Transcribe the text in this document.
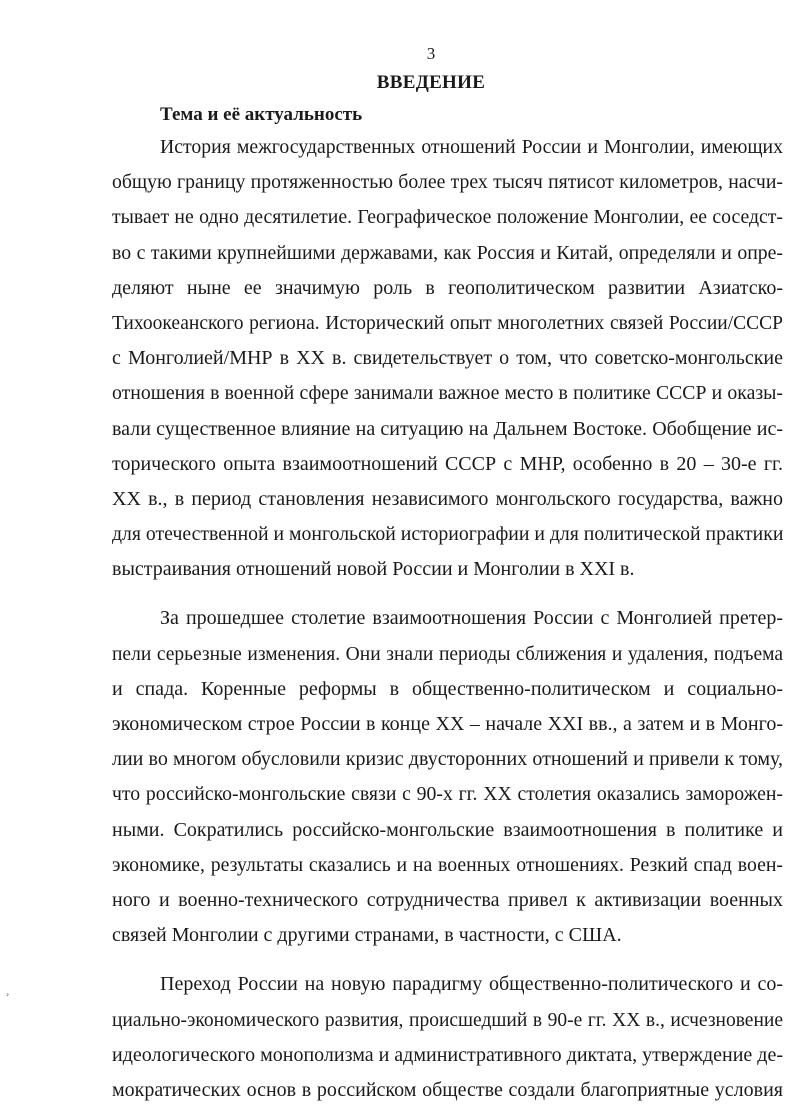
3
ВВЕДЕНИЕ
Тема и её актуальность
История межгосударственных отношений России и Монголии, имеющих
общую границу протяженностью более трех тысяч пятисот километров, насчи-
тывает не одно десятилетие. Географическое положение Монголии, ее соседст-
во с такими крупнейшими державами, как Россия и Китай, определяли и опре-
деляют ныне ее значимую роль в геополитическом развитии Азиатско-
Тихоокеанского региона. Исторический опыт многолетних связей России/СССР
с Монголией/МНР в XX в. свидетельствует о том, что советско-монгольские
отношения в военной сфере занимали важное место в политике СССР и оказы-
вали существенное влияние на ситуацию на Дальнем Востоке. Обобщение ис-
торического опыта взаимоотношений СССР с МНР, особенно в 20 – 30-е гг.
XX в., в период становления независимого монгольского государства, важно
для отечественной и монгольской историографии и для политической практики
выстраивания отношений новой России и Монголии в XXI в.
За прошедшее столетие взаимоотношения России с Монголией претер-
пели серьезные изменения. Они знали периоды сближения и удаления, подъема
и спада. Коренные реформы в общественно-политическом и социально-
экономическом строе России в конце XX – начале XXI вв., а затем и в Монго-
лии во многом обусловили кризис двусторонних отношений и привели к тому,
что российско-монгольские связи с 90-х гг. XX столетия оказались заморожен-
ными. Сократились российско-монгольские взаимоотношения в политике и
экономике, результаты сказались и на военных отношениях. Резкий спад воен-
ного и военно-технического сотрудничества привел к активизации военных
связей Монголии с другими странами, в частности, с США.
Переход России на новую парадигму общественно-политического и со-
циально-экономического развития, происшедший в 90-е гг. XX в., исчезновение
идеологического монополизма и административного диктата, утверждение де-
мократических основ в российском обществе создали благоприятные условия
›
